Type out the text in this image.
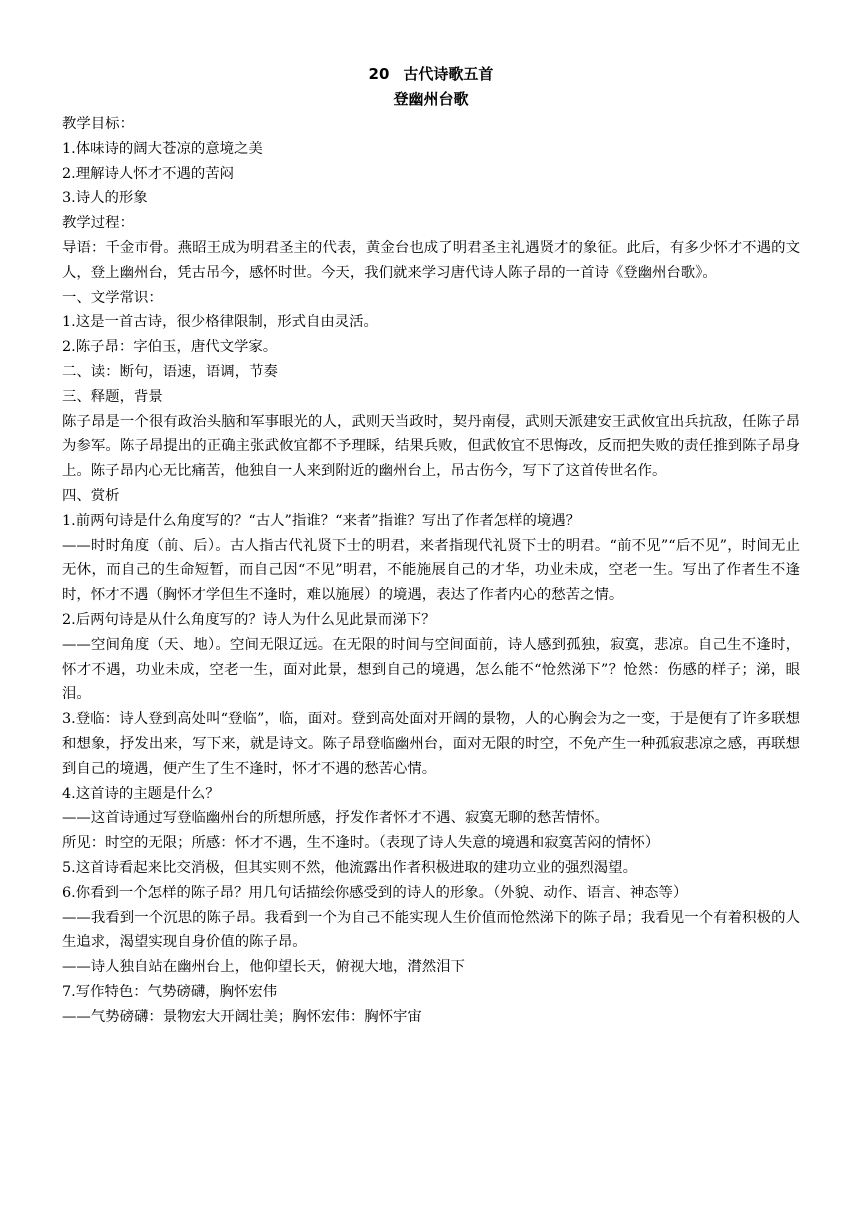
20 古代诗歌五首
登幽州台歌

教学目标：

1.体味诗的阔大苍凉的意境之美

2.理解诗人怀才不遇的苦闷

3.诗人的形象

教学过程：

导语：千金市骨。燕昭王成为明君圣主的代表，黄金台也成了明君圣主礼遇贤才的象征。此后，有多少怀才不遇的文人，登上幽州台，凭古吊今，感怀时世。今天，我们就来学习唐代诗人陈子昂的一首诗《登幽州台歌》。

一、文学常识：

1.这是一首古诗，很少格律限制，形式自由灵活。

2.陈子昂：字伯玉，唐代文学家。

二、读：断句，语速，语调，节奏

三、释题，背景

陈子昂是一个很有政治头脑和军事眼光的人，武则天当政时，契丹南侵，武则天派建安王武攸宜出兵抗敌，任陈子昂为参军。陈子昂提出的正确主张武攸宜都不予理睬，结果兵败，但武攸宜不思悔改，反而把失败的责任推到陈子昂身上。陈子昂内心无比痛苦，他独自一人来到附近的幽州台上，吊古伤今，写下了这首传世名作。

四、赏析

1.前两句诗是什么角度写的？“古人”指谁？“来者”指谁？写出了作者怎样的境遇？

——时时角度（前、后）。古人指古代礼贤下士的明君，来者指现代礼贤下士的明君。“前不见”“后不见”，时间无止无休，而自己的生命短暂，而自己因“不见”明君，不能施展自己的才华，功业未成，空老一生。写出了作者生不逢时，怀才不遇（胸怀才学但生不逢时，难以施展）的境遇，表达了作者内心的愁苦之情。

2.后两句诗是从什么角度写的？诗人为什么见此景而涕下？

——空间角度（天、地）。空间无限辽远。在无限的时间与空间面前，诗人感到孤独，寂寞，悲凉。自己生不逢时，怀才不遇，功业未成，空老一生，面对此景，想到自己的境遇，怎么能不“怆然涕下”？怆然：伤感的样子；涕，眼泪。

3.登临：诗人登到高处叫“登临”，临，面对。登到高处面对开阔的景物，人的心胸会为之一变，于是便有了许多联想和想象，抒发出来，写下来，就是诗文。陈子昂登临幽州台，面对无限的时空，不免产生一种孤寂悲凉之感，再联想到自己的境遇，便产生了生不逢时，怀才不遇的愁苦心情。

4.这首诗的主题是什么？

——这首诗通过写登临幽州台的所想所感，抒发作者怀才不遇、寂寞无聊的愁苦情怀。

所见：时空的无限；所感：怀才不遇，生不逢时。（表现了诗人失意的境遇和寂寞苦闷的情怀）

5.这首诗看起来比交消极，但其实则不然，他流露出作者积极进取的建功立业的强烈渴望。

6.你看到一个怎样的陈子昂？用几句话描绘你感受到的诗人的形象。（外貌、动作、语言、神态等）

——我看到一个沉思的陈子昂。我看到一个为自己不能实现人生价值而怆然涕下的陈子昂；我看见一个有着积极的人生追求，渴望实现自身价值的陈子昂。

——诗人独自站在幽州台上，他仰望长天，俯视大地，潸然泪下

7.写作特色：气势磅礴，胸怀宏伟

——气势磅礴：景物宏大开阔壮美；胸怀宏伟：胸怀宇宙
